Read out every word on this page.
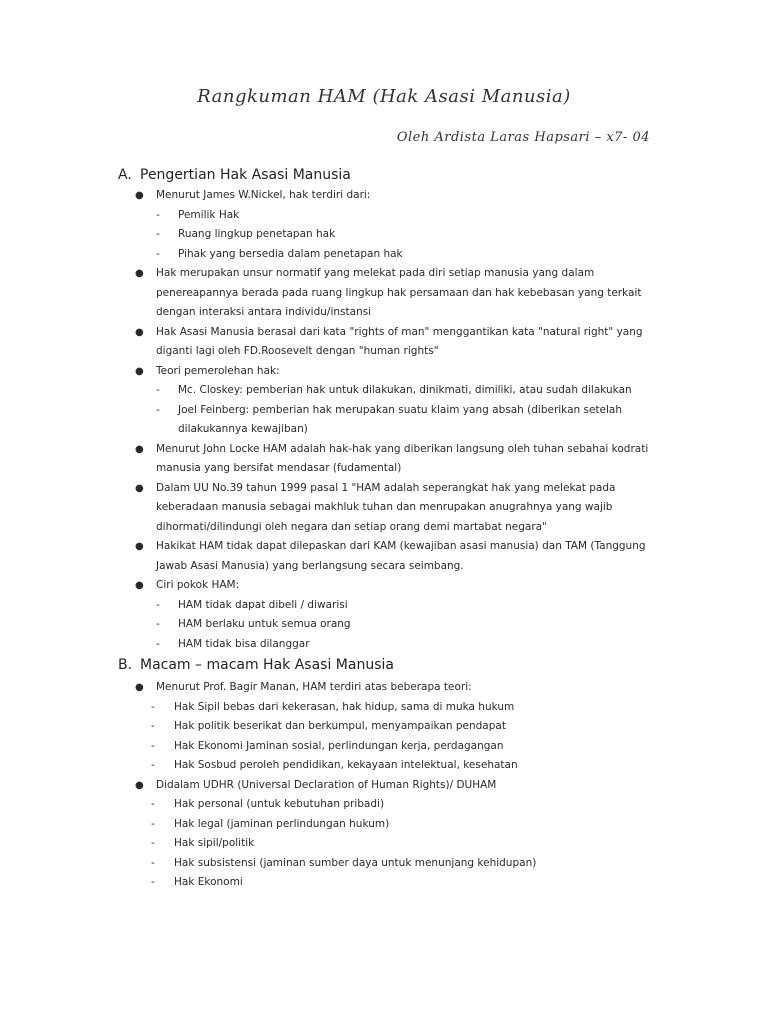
Rangkuman HAM (Hak Asasi Manusia)
Oleh Ardista Laras Hapsari – x7- 04
A. Pengertian Hak Asasi Manusia
● Menurut James W.Nickel, hak terdiri dari:
- Pemilik Hak
- Ruang lingkup penetapan hak
- Pihak yang bersedia dalam penetapan hak
● Hak merupakan unsur normatif yang melekat pada diri setiap manusia yang dalam penereapannya berada pada ruang lingkup hak persamaan dan hak kebebasan yang terkait dengan interaksi antara individu/instansi
● Hak Asasi Manusia berasal dari kata "rights of man" menggantikan kata "natural right" yang diganti lagi oleh FD.Roosevelt dengan "human rights"
● Teori pemerolehan hak:
- Mc. Closkey: pemberian hak untuk dilakukan, dinikmati, dimiliki, atau sudah dilakukan
- Joel Feinberg: pemberian hak merupakan suatu klaim yang absah (diberikan setelah dilakukannya kewajiban)
● Menurut John Locke HAM adalah hak-hak yang diberikan langsung oleh tuhan sebahai kodrati manusia yang bersifat mendasar (fudamental)
● Dalam UU No.39 tahun 1999 pasal 1 "HAM adalah seperangkat hak yang melekat pada keberadaan manusia sebagai makhluk tuhan dan menrupakan anugrahnya yang wajib dihormati/dilindungi oleh negara dan setiap orang demi martabat negara"
● Hakikat HAM tidak dapat dilepaskan dari KAM (kewajiban asasi manusia) dan TAM (Tanggung Jawab Asasi Manusia) yang berlangsung secara seimbang.
● Ciri pokok HAM:
- HAM tidak dapat dibeli / diwarisi
- HAM berlaku untuk semua orang
- HAM tidak bisa dilanggar
B. Macam – macam Hak Asasi Manusia
● Menurut Prof. Bagir Manan, HAM terdiri atas beberapa teori:
- Hak Sipil bebas dari kekerasan, hak hidup, sama di muka hukum
- Hak politik beserikat dan berkumpul, menyampaikan pendapat
- Hak Ekonomi Jaminan sosial, perlindungan kerja, perdagangan
- Hak Sosbud peroleh pendidikan, kekayaan intelektual, kesehatan
● Didalam UDHR (Universal Declaration of Human Rights)/ DUHAM
- Hak personal (untuk kebutuhan pribadi)
- Hak legal (jaminan perlindungan hukum)
- Hak sipil/politik
- Hak subsistensi (jaminan sumber daya untuk menunjang kehidupan)
- Hak Ekonomi
